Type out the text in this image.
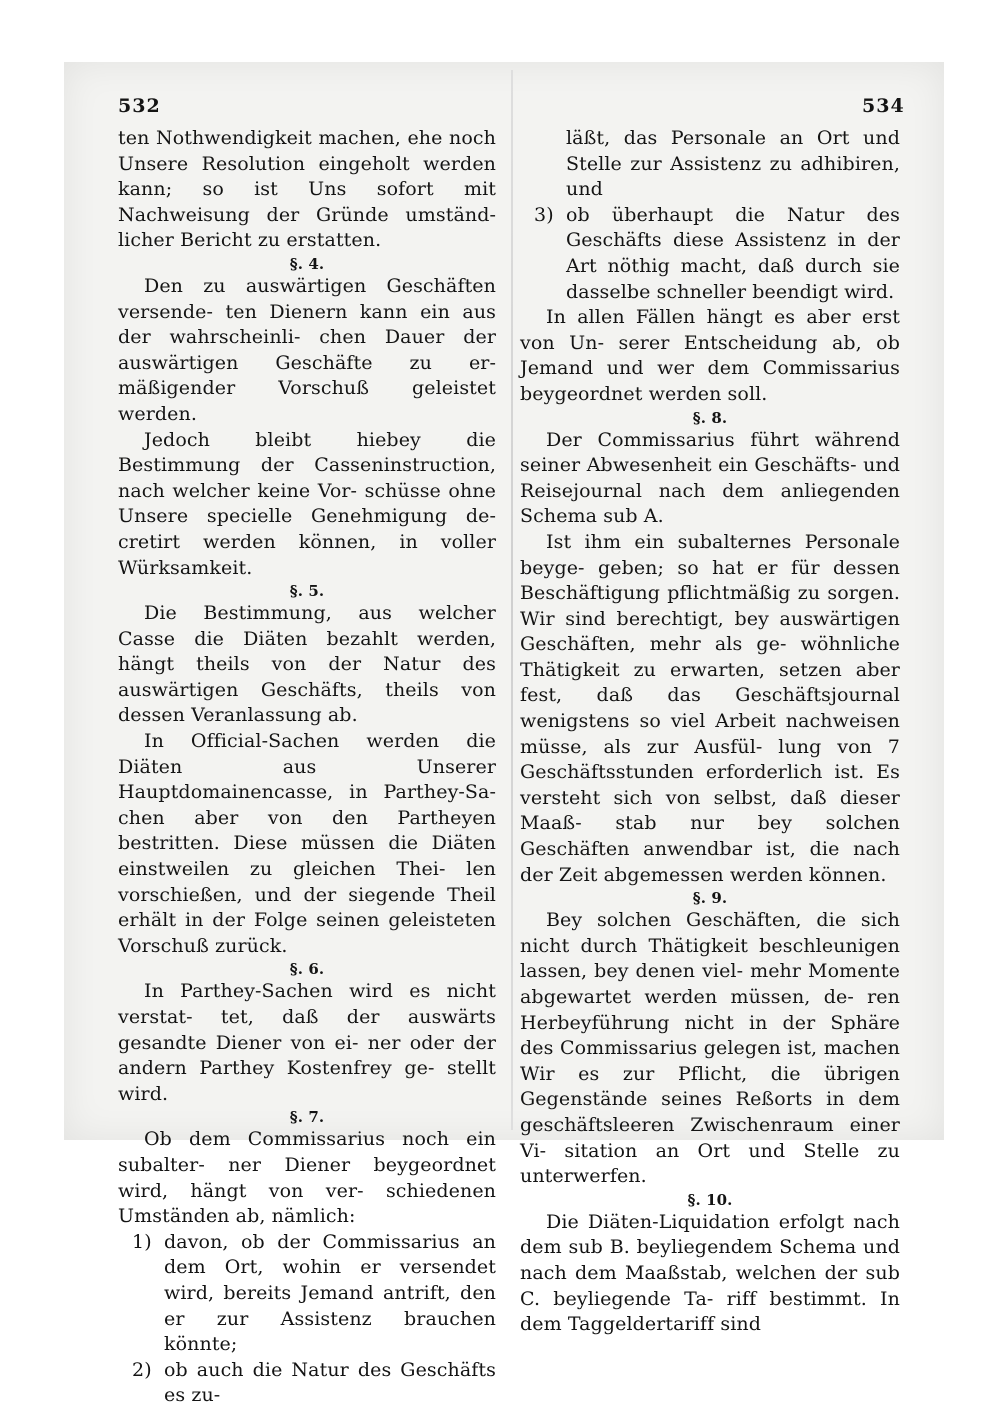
532	534

ten Nothwendigkeit machen, ehe noch Unsere Resolution eingeholt werden kann; so ist Uns sofort mit Nachweisung der Gründe umständ- licher Bericht zu erstatten.

§. 4.

Den zu auswärtigen Geschäften versende- ten Dienern kann ein aus der wahrscheinli- chen Dauer der auswärtigen Geschäfte zu er- mäßigender Vorschuß geleistet werden.

Jedoch bleibt hiebey die Bestimmung der Casseninstruction, nach welcher keine Vor- schüsse ohne Unsere specielle Genehmigung de- cretirt werden können, in voller Würksamkeit.

§. 5.

Die Bestimmung, aus welcher Casse die Diäten bezahlt werden, hängt theils von der Natur des auswärtigen Geschäfts, theils von dessen Veranlassung ab.

In Official-Sachen werden die Diäten aus	Unserer Hauptdomainencasse, in Parthey-Sa- chen aber von den Partheyen bestritten. Diese müssen die Diäten einstweilen zu gleichen Thei- len vorschießen, und der siegende Theil erhält in der Folge seinen geleisteten Vorschuß zurück.

§. 6.

In Parthey-Sachen wird es nicht verstat- tet, daß der auswärts gesandte Diener von ei- ner oder der andern Parthey Kostenfrey ge- stellt wird.

§. 7.

Ob dem Commissarius noch ein subalter- ner Diener beygeordnet wird, hängt von ver- schiedenen Umständen ab, nämlich:

1) davon, ob der Commissarius an dem Ort, wohin er versendet wird, bereits Jemand antrift, den er zur Assistenz brauchen könnte;

2) ob auch die Natur des Geschäfts es zu-

läßt, das Personale an Ort und Stelle zur Assistenz zu adhibiren, und

3) ob überhaupt die Natur des Geschäfts diese Assistenz in der Art nöthig macht, daß durch sie dasselbe schneller beendigt wird.

In allen Fällen hängt es aber erst von Un- serer Entscheidung ab, ob Jemand und wer dem Commissarius beygeordnet werden soll.

§. 8.

Der Commissarius führt während seiner Abwesenheit ein Geschäfts- und Reisejournal nach dem anliegenden Schema sub A.

Ist ihm ein subalternes Personale beyge- geben; so hat er für dessen Beschäftigung pflichtmäßig zu sorgen. Wir sind berechtigt, bey auswärtigen Geschäften, mehr als ge- wöhnliche Thätigkeit zu erwarten, setzen aber fest, daß das Geschäftsjournal wenigstens so viel Arbeit nachweisen müsse, als zur Ausfül- lung von 7 Geschäftsstunden erforderlich ist. Es versteht sich von selbst, daß dieser Maaß- stab nur bey solchen Geschäften anwendbar ist, die nach der Zeit abgemessen werden können.

§. 9.

Bey solchen Geschäften, die sich nicht durch Thätigkeit beschleunigen lassen, bey denen viel- mehr Momente abgewartet werden müssen, de- ren Herbeyführung nicht in der Sphäre des Commissarius gelegen ist, machen Wir es zur Pflicht, die übrigen Gegenstände seines Reßorts in dem geschäftsleeren Zwischenraum einer Vi- sitation an Ort und Stelle zu unterwerfen.

§. 10.

Die Diäten-Liquidation erfolgt nach dem sub B. beyliegendem Schema und nach dem Maaßstab, welchen der sub C. beyliegende Ta- riff bestimmt. In dem Taggeldertariff sind
